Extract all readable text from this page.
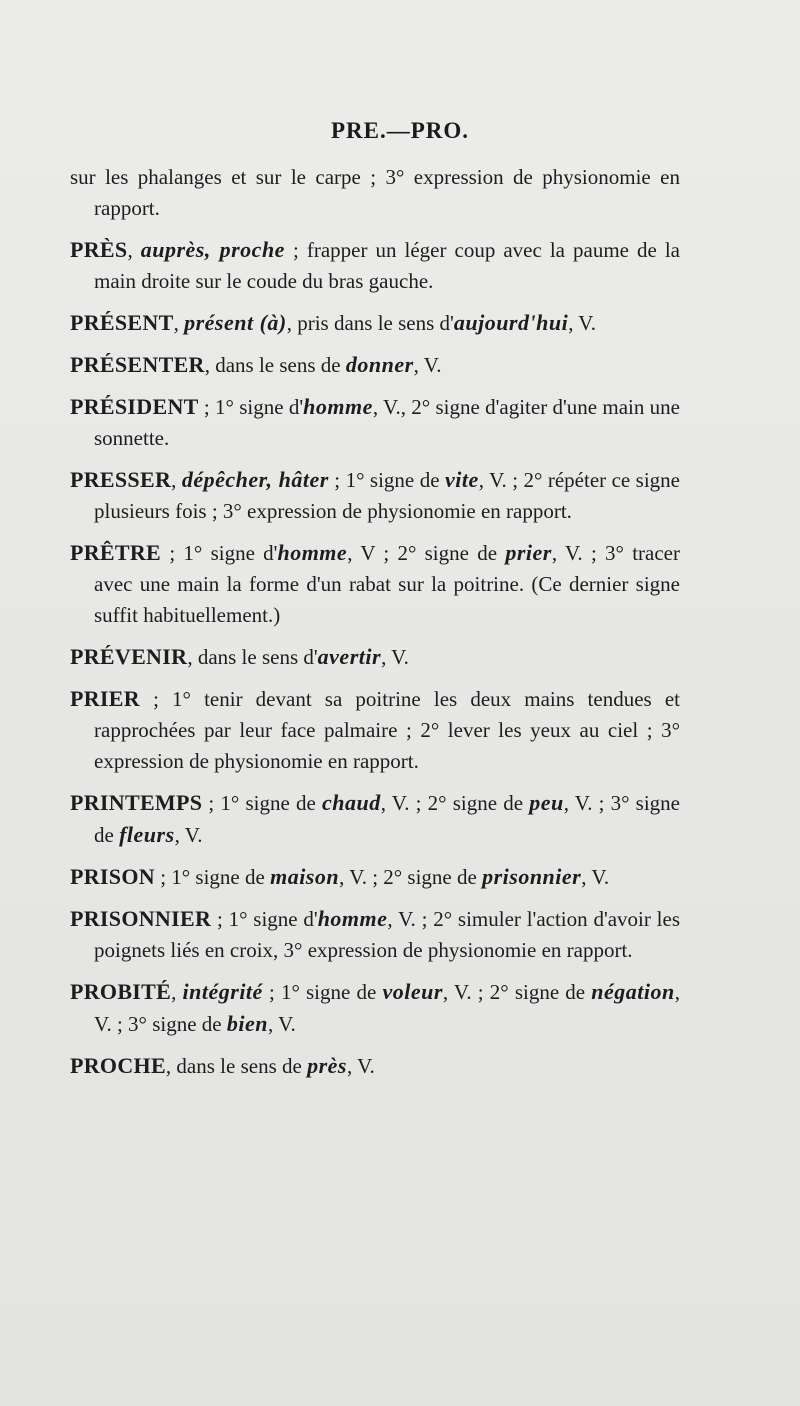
PRE.—PRO.

sur les phalanges et sur le carpe ; 3° expression de physionomie en rapport.

PRÈS, auprès, proche ; frapper un léger coup avec la paume de la main droite sur le coude du bras gauche.

PRÉSENT, présent (à), pris dans le sens d'aujourd'hui, V.

PRÉSENTER, dans le sens de donner, V.

PRÉSIDENT ; 1° signe d'homme, V., 2° signe d'agiter d'une main une sonnette.

PRESSER, dépêcher, hâter ; 1° signe de vite, V. ; 2° répéter ce signe plusieurs fois ; 3° expression de physionomie en rapport.

PRÊTRE ; 1° signe d'homme, V ; 2° signe de prier, V. ; 3° tracer avec une main la forme d'un rabat sur la poitrine. (Ce dernier signe suffit habituellement.)

PRÉVENIR, dans le sens d'avertir, V.

PRIER ; 1° tenir devant sa poitrine les deux mains tendues et rapprochées par leur face palmaire ; 2° lever les yeux au ciel ; 3° expression de physionomie en rapport.

PRINTEMPS ; 1° signe de chaud, V. ; 2° signe de peu, V. ; 3° signe de fleurs, V.

PRISON ; 1° signe de maison, V. ; 2° signe de prisonnier, V.

PRISONNIER ; 1° signe d'homme, V. ; 2° simuler l'action d'avoir les poignets liés en croix, 3° expression de physionomie en rapport.

PROBITÉ, intégrité ; 1° signe de voleur, V. ; 2° signe de négation, V. ; 3° signe de bien, V.

PROCHE, dans le sens de près, V.
